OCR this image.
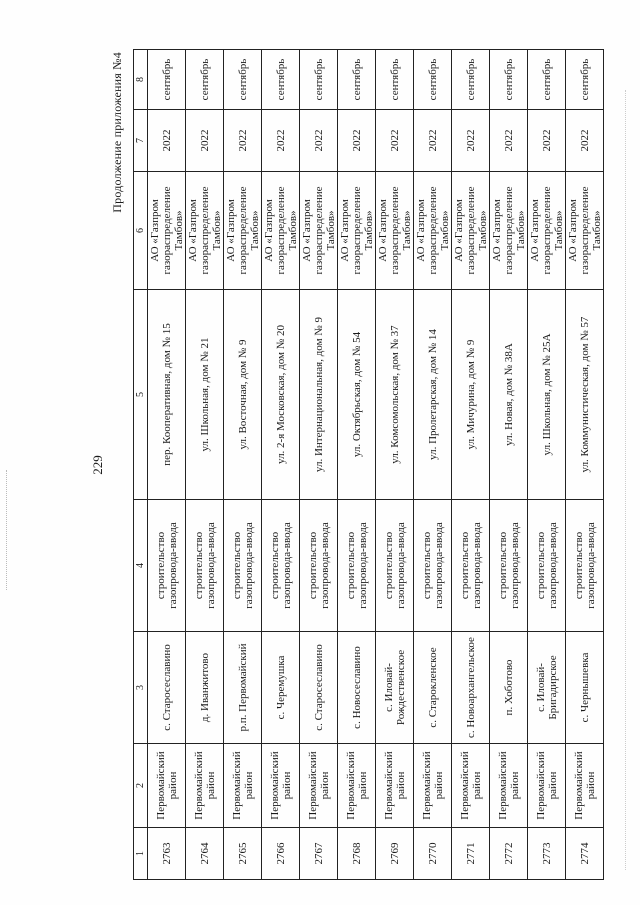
229
Продолжение приложения №4
1	2	3	4	5	6	7	8
2763	Первомайский район	с. Старосеславино	строительство газопровода-ввода	пер. Кооперативная, дом № 15	АО «Газпром газораспределение Тамбов»	2022	сентябрь
2764	Первомайский район	д. Иванжитово	строительство газопровода-ввода	ул. Школьная, дом № 21	АО «Газпром газораспределение Тамбов»	2022	сентябрь
2765	Первомайский район	р.п. Первомайский	строительство газопровода-ввода	ул. Восточная, дом № 9	АО «Газпром газораспределение Тамбов»	2022	сентябрь
2766	Первомайский район	с. Черемушка	строительство газопровода-ввода	ул. 2-я Московская, дом № 20	АО «Газпром газораспределение Тамбов»	2022	сентябрь
2767	Первомайский район	с. Старосеславино	строительство газопровода-ввода	ул. Интернациональная, дом № 9	АО «Газпром газораспределение Тамбов»	2022	сентябрь
2768	Первомайский район	с. Новосеславино	строительство газопровода-ввода	ул. Октябрьская, дом № 54	АО «Газпром газораспределение Тамбов»	2022	сентябрь
2769	Первомайский район	с. Иловай-Рождественское	строительство газопровода-ввода	ул. Комсомольская, дом № 37	АО «Газпром газораспределение Тамбов»	2022	сентябрь
2770	Первомайский район	с. Старокленское	строительство газопровода-ввода	ул. Пролетарская, дом № 14	АО «Газпром газораспределение Тамбов»	2022	сентябрь
2771	Первомайский район	с. Новоархангельское	строительство газопровода-ввода	ул. Мичурина, дом № 9	АО «Газпром газораспределение Тамбов»	2022	сентябрь
2772	Первомайский район	п. Хоботово	строительство газопровода-ввода	ул. Новая, дом № 38А	АО «Газпром газораспределение Тамбов»	2022	сентябрь
2773	Первомайский район	с. Иловай-Бригадирское	строительство газопровода-ввода	ул. Школьная, дом № 25А	АО «Газпром газораспределение Тамбов»	2022	сентябрь
2774	Первомайский район	с. Чернышевка	строительство газопровода-ввода	ул. Коммунистическая, дом № 57	АО «Газпром газораспределение Тамбов»	2022	сентябрь
